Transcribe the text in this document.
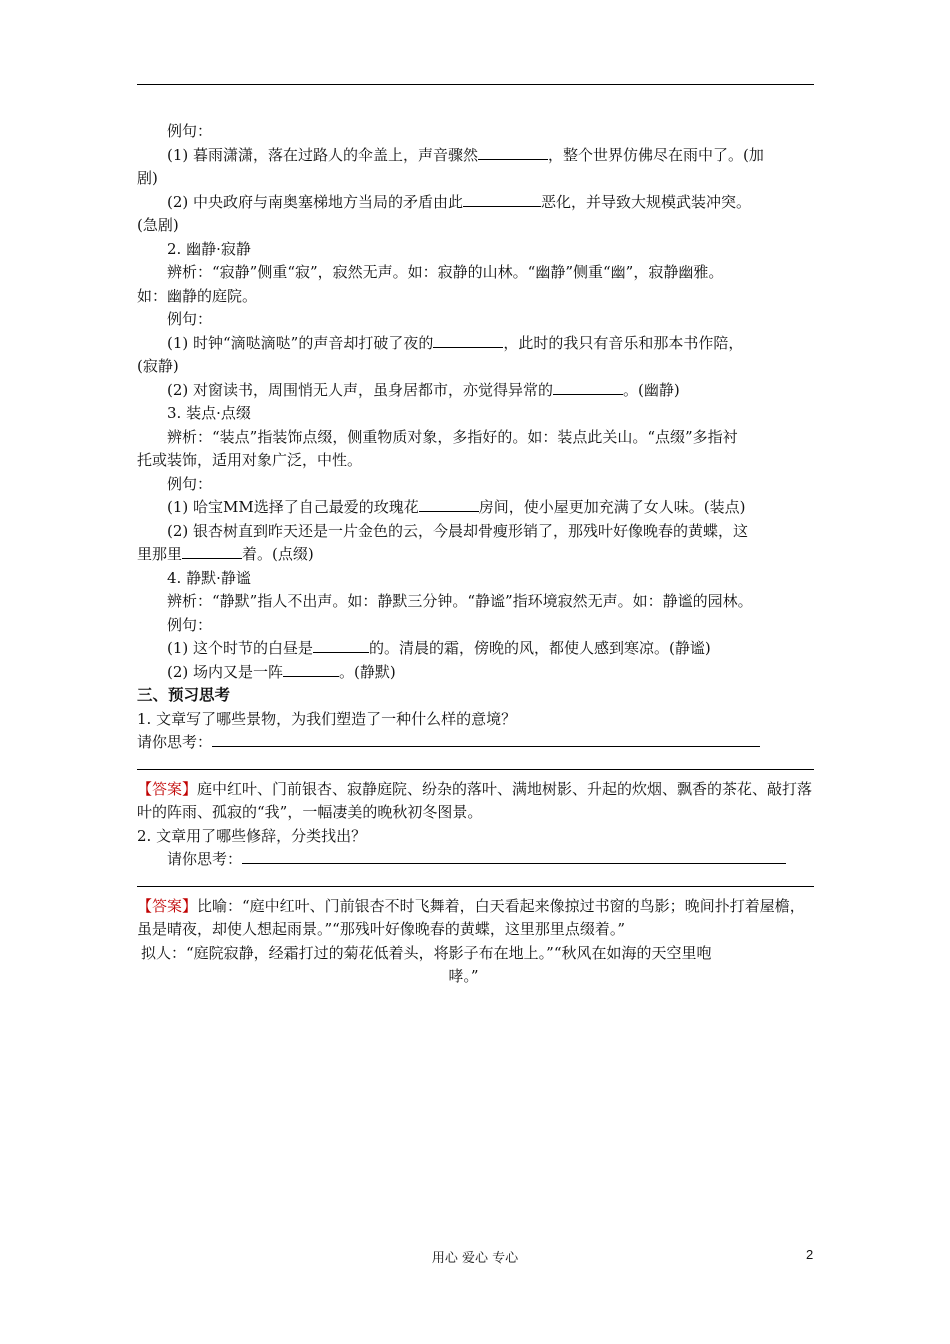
例句：
(1) 暮雨潇潇，落在过路人的伞盖上，声音骤然	，整个世界仿佛尽在雨中了。(加
剧)
(2) 中央政府与南奥塞梯地方当局的矛盾由此	恶化，并导致大规模武装冲突。
(急剧)
2. 幽静·寂静
辨析：“寂静”侧重“寂”，寂然无声。如：寂静的山林。“幽静”侧重“幽”，寂静幽雅。
如：幽静的庭院。
例句：
(1) 时钟“滴哒滴哒”的声音却打破了夜的	，此时的我只有音乐和那本书作陪，
(寂静)
(2) 对窗读书，周围悄无人声，虽身居都市，亦觉得异常的	。(幽静)
3. 装点·点缀
辨析：“装点”指装饰点缀，侧重物质对象，多指好的。如：装点此关山。“点缀”多指衬
托或装饰，适用对象广泛，中性。
例句：
(1) 哈宝MM选择了自己最爱的玫瑰花	房间，使小屋更加充满了女人味。(装点)
(2) 银杏树直到昨天还是一片金色的云，今晨却骨瘦形销了，那残叶好像晚春的黄蝶，这
里那里	着。(点缀)
4. 静默·静谧
辨析：“静默”指人不出声。如：静默三分钟。“静谧”指环境寂然无声。如：静谧的园林。
例句：
(1) 这个时节的白昼是	的。清晨的霜，傍晚的风，都使人感到寒凉。(静谧)
(2) 场内又是一阵	。(静默)
三、预习思考
1. 文章写了哪些景物，为我们塑造了一种什么样的意境？
请你思考：
【答案】庭中红叶、门前银杏、寂静庭院、纷杂的落叶、满地树影、升起的炊烟、飘香的茶花、敲打落叶的阵雨、孤寂的“我”，一幅凄美的晚秋初冬图景。
2. 文章用了哪些修辞，分类找出？
请你思考：
【答案】比喻：“庭中红叶、门前银杏不时飞舞着，白天看起来像掠过书窗的鸟影；晚间扑打着屋檐，虽是晴夜，却使人想起雨景。”“那残叶好像晚春的黄蝶，这里那里点缀着。”
拟人：“庭院寂静，经霜打过的菊花低着头，将影子布在地上。”“秋风在如海的天空里咆
哮。”
用心 爱心 专心	2
